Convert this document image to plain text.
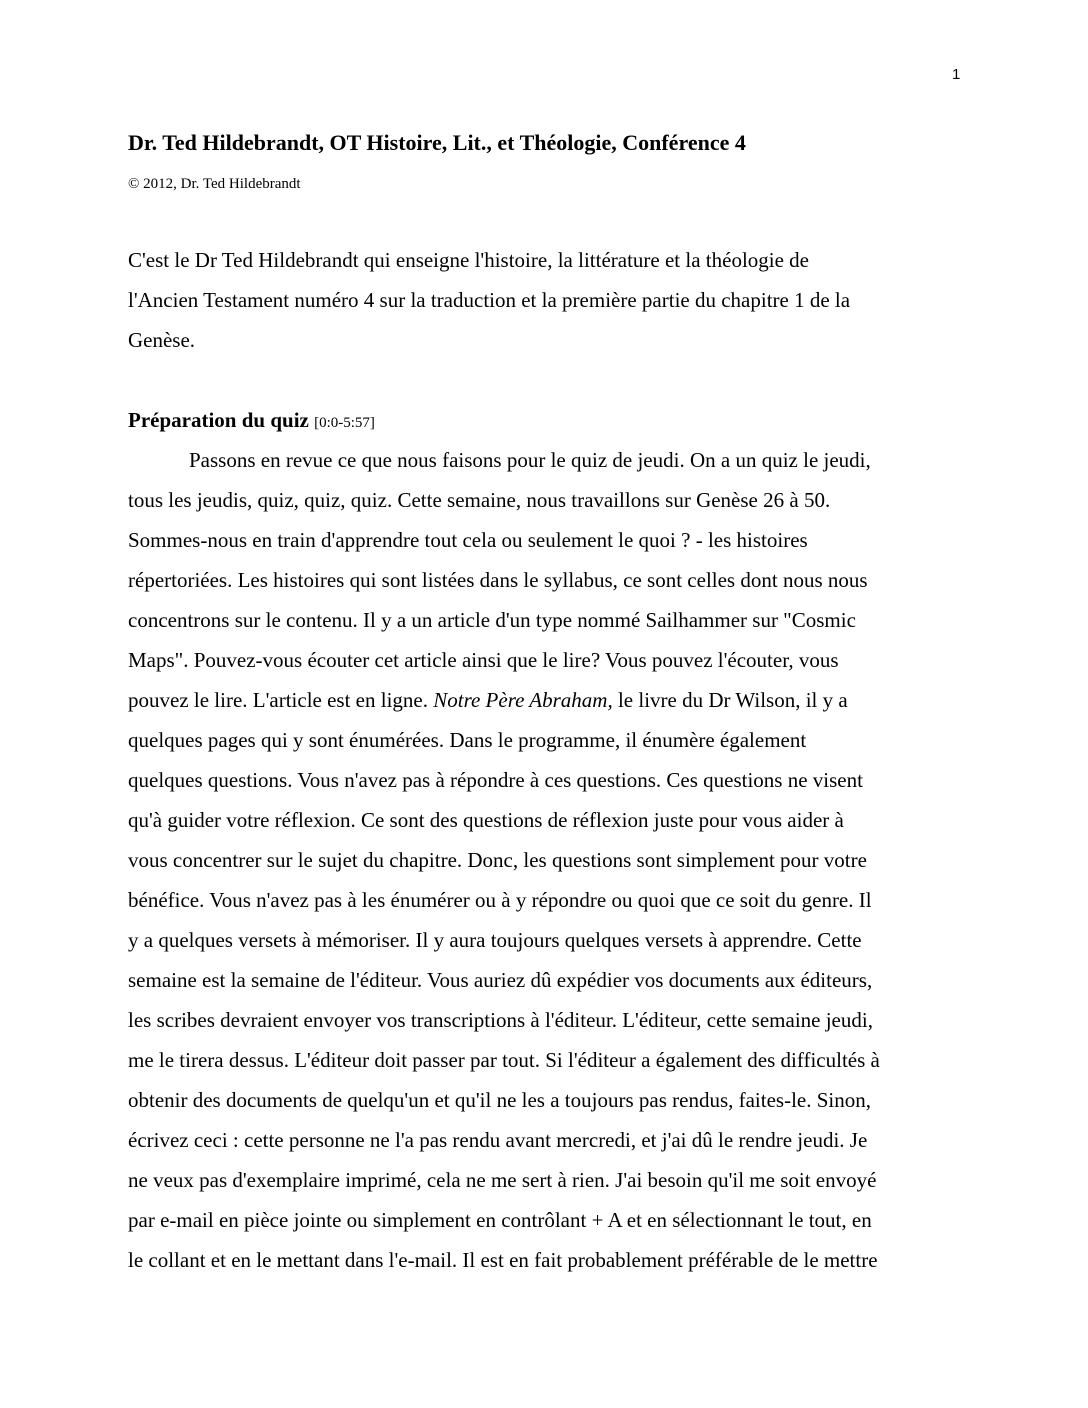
1
Dr. Ted Hildebrandt, OT Histoire, Lit., et Théologie, Conférence 4
© 2012, Dr. Ted Hildebrandt
C'est le Dr Ted Hildebrandt qui enseigne l'histoire, la littérature et la théologie de
l'Ancien Testament numéro 4 sur la traduction et la première partie du chapitre 1 de la
Genèse.
Préparation du quiz [0:0-5:57]
Passons en revue ce que nous faisons pour le quiz de jeudi. On a un quiz le jeudi,
tous les jeudis, quiz, quiz, quiz. Cette semaine, nous travaillons sur Genèse 26 à 50.
Sommes-nous en train d'apprendre tout cela ou seulement le quoi ? - les histoires
répertoriées. Les histoires qui sont listées dans le syllabus, ce sont celles dont nous nous
concentrons sur le contenu. Il y a un article d'un type nommé Sailhammer sur "Cosmic
Maps". Pouvez-vous écouter cet article ainsi que le lire? Vous pouvez l'écouter, vous
pouvez le lire. L'article est en ligne. Notre Père Abraham, le livre du Dr Wilson, il y a
quelques pages qui y sont énumérées. Dans le programme, il énumère également
quelques questions. Vous n'avez pas à répondre à ces questions. Ces questions ne visent
qu'à guider votre réflexion. Ce sont des questions de réflexion juste pour vous aider à
vous concentrer sur le sujet du chapitre. Donc, les questions sont simplement pour votre
bénéfice. Vous n'avez pas à les énumérer ou à y répondre ou quoi que ce soit du genre. Il
y a quelques versets à mémoriser. Il y aura toujours quelques versets à apprendre. Cette
semaine est la semaine de l'éditeur. Vous auriez dû expédier vos documents aux éditeurs,
les scribes devraient envoyer vos transcriptions à l'éditeur. L'éditeur, cette semaine jeudi,
me le tirera dessus. L'éditeur doit passer par tout. Si l'éditeur a également des difficultés à
obtenir des documents de quelqu'un et qu'il ne les a toujours pas rendus, faites-le. Sinon,
écrivez ceci : cette personne ne l'a pas rendu avant mercredi, et j'ai dû le rendre jeudi. Je
ne veux pas d'exemplaire imprimé, cela ne me sert à rien. J'ai besoin qu'il me soit envoyé
par e-mail en pièce jointe ou simplement en contrôlant + A et en sélectionnant le tout, en
le collant et en le mettant dans l'e-mail. Il est en fait probablement préférable de le mettre
